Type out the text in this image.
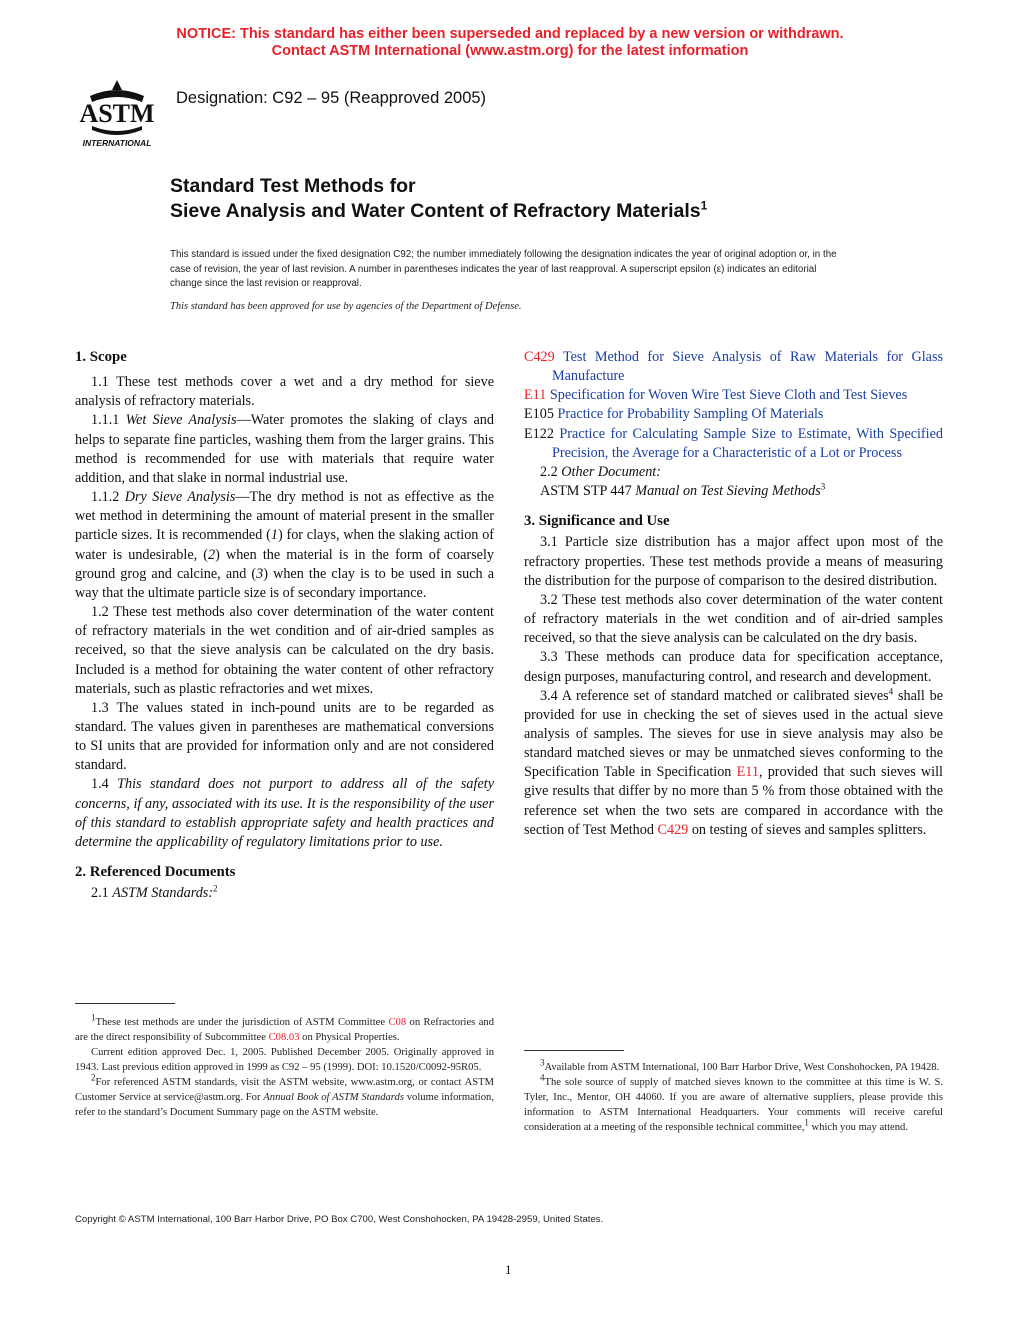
NOTICE: This standard has either been superseded and replaced by a new version or withdrawn.
Contact ASTM International (www.astm.org) for the latest information
ASTM
INTERNATIONAL
Designation: C92 – 95 (Reapproved 2005)
Standard Test Methods for
Sieve Analysis and Water Content of Refractory Materials$^1$
This standard is issued under the fixed designation C92; the number immediately following the designation indicates the year of original adoption or, in the case of revision, the year of last revision. A number in parentheses indicates the year of last reapproval. A superscript epsilon (ε) indicates an editorial change since the last revision or reapproval.
This standard has been approved for use by agencies of the Department of Defense.

1. Scope

1.1 These test methods cover a wet and a dry method for sieve analysis of refractory materials.

1.1.1 Wet Sieve Analysis—Water promotes the slaking of clays and helps to separate fine particles, washing them from the larger grains. This method is recommended for use with materials that require water addition, and that slake in normal industrial use.

1.1.2 Dry Sieve Analysis—The dry method is not as effective as the wet method in determining the amount of material present in the smaller particle sizes. It is recommended (1) for clays, when the slaking action of water is undesirable, (2) when the material is in the form of coarsely ground grog and calcine, and (3) when the clay is to be used in such a way that the ultimate particle size is of secondary importance.

1.2 These test methods also cover determination of the water content of refractory materials in the wet condition and of air-dried samples as received, so that the sieve analysis can be calculated on the dry basis. Included is a method for obtaining the water content of other refractory materials, such as plastic refractories and wet mixes.

1.3 The values stated in inch-pound units are to be regarded as standard. The values given in parentheses are mathematical conversions to SI units that are provided for information only and are not considered standard.

1.4 This standard does not purport to address all of the safety concerns, if any, associated with its use. It is the responsibility of the user of this standard to establish appropriate safety and health practices and determine the applicability of regulatory limitations prior to use.

2. Referenced Documents

2.1 ASTM Standards:$^2$

$^1$These test methods are under the jurisdiction of ASTM Committee C08 on Refractories and are the direct responsibility of Subcommittee C08.03 on Physical Properties.

Current edition approved Dec. 1, 2005. Published December 2005. Originally approved in 1943. Last previous edition approved in 1999 as C92 – 95 (1999). DOI: 10.1520/C0092-95R05.

$^2$For referenced ASTM standards, visit the ASTM website, www.astm.org, or contact ASTM Customer Service at service@astm.org. For Annual Book of ASTM Standards volume information, refer to the standard’s Document Summary page on the ASTM website.

C429 Test Method for Sieve Analysis of Raw Materials for Glass Manufacture

E11 Specification for Woven Wire Test Sieve Cloth and Test Sieves

E105 Practice for Probability Sampling Of Materials

E122 Practice for Calculating Sample Size to Estimate, With Specified Precision, the Average for a Characteristic of a Lot or Process

2.2 Other Document:

ASTM STP 447 Manual on Test Sieving Methods$^3$

3. Significance and Use

3.1 Particle size distribution has a major affect upon most of the refractory properties. These test methods provide a means of measuring the distribution for the purpose of comparison to the desired distribution.

3.2 These test methods also cover determination of the water content of refractory materials in the wet condition and of air-dried samples received, so that the sieve analysis can be calculated on the dry basis.

3.3 These methods can produce data for specification acceptance, design purposes, manufacturing control, and research and development.

3.4 A reference set of standard matched or calibrated sieves$^4$ shall be provided for use in checking the set of sieves used in the actual sieve analysis of samples. The sieves for use in sieve analysis may also be standard matched sieves or may be unmatched sieves conforming to the Specification Table in Specification E11, provided that such sieves will give results that differ by no more than 5 % from those obtained with the reference set when the two sets are compared in accordance with the section of Test Method C429 on testing of sieves and samples splitters.

$^3$Available from ASTM International, 100 Barr Harbor Drive, West Conshohocken, PA 19428.

$^4$The sole source of supply of matched sieves known to the committee at this time is W. S. Tyler, Inc., Mentor, OH 44060. If you are aware of alternative suppliers, please provide this information to ASTM International Headquarters. Your comments will receive careful consideration at a meeting of the responsible technical committee,$^1$ which you may attend.

Copyright © ASTM International, 100 Barr Harbor Drive, PO Box C700, West Conshohocken, PA 19428-2959, United States.
1
